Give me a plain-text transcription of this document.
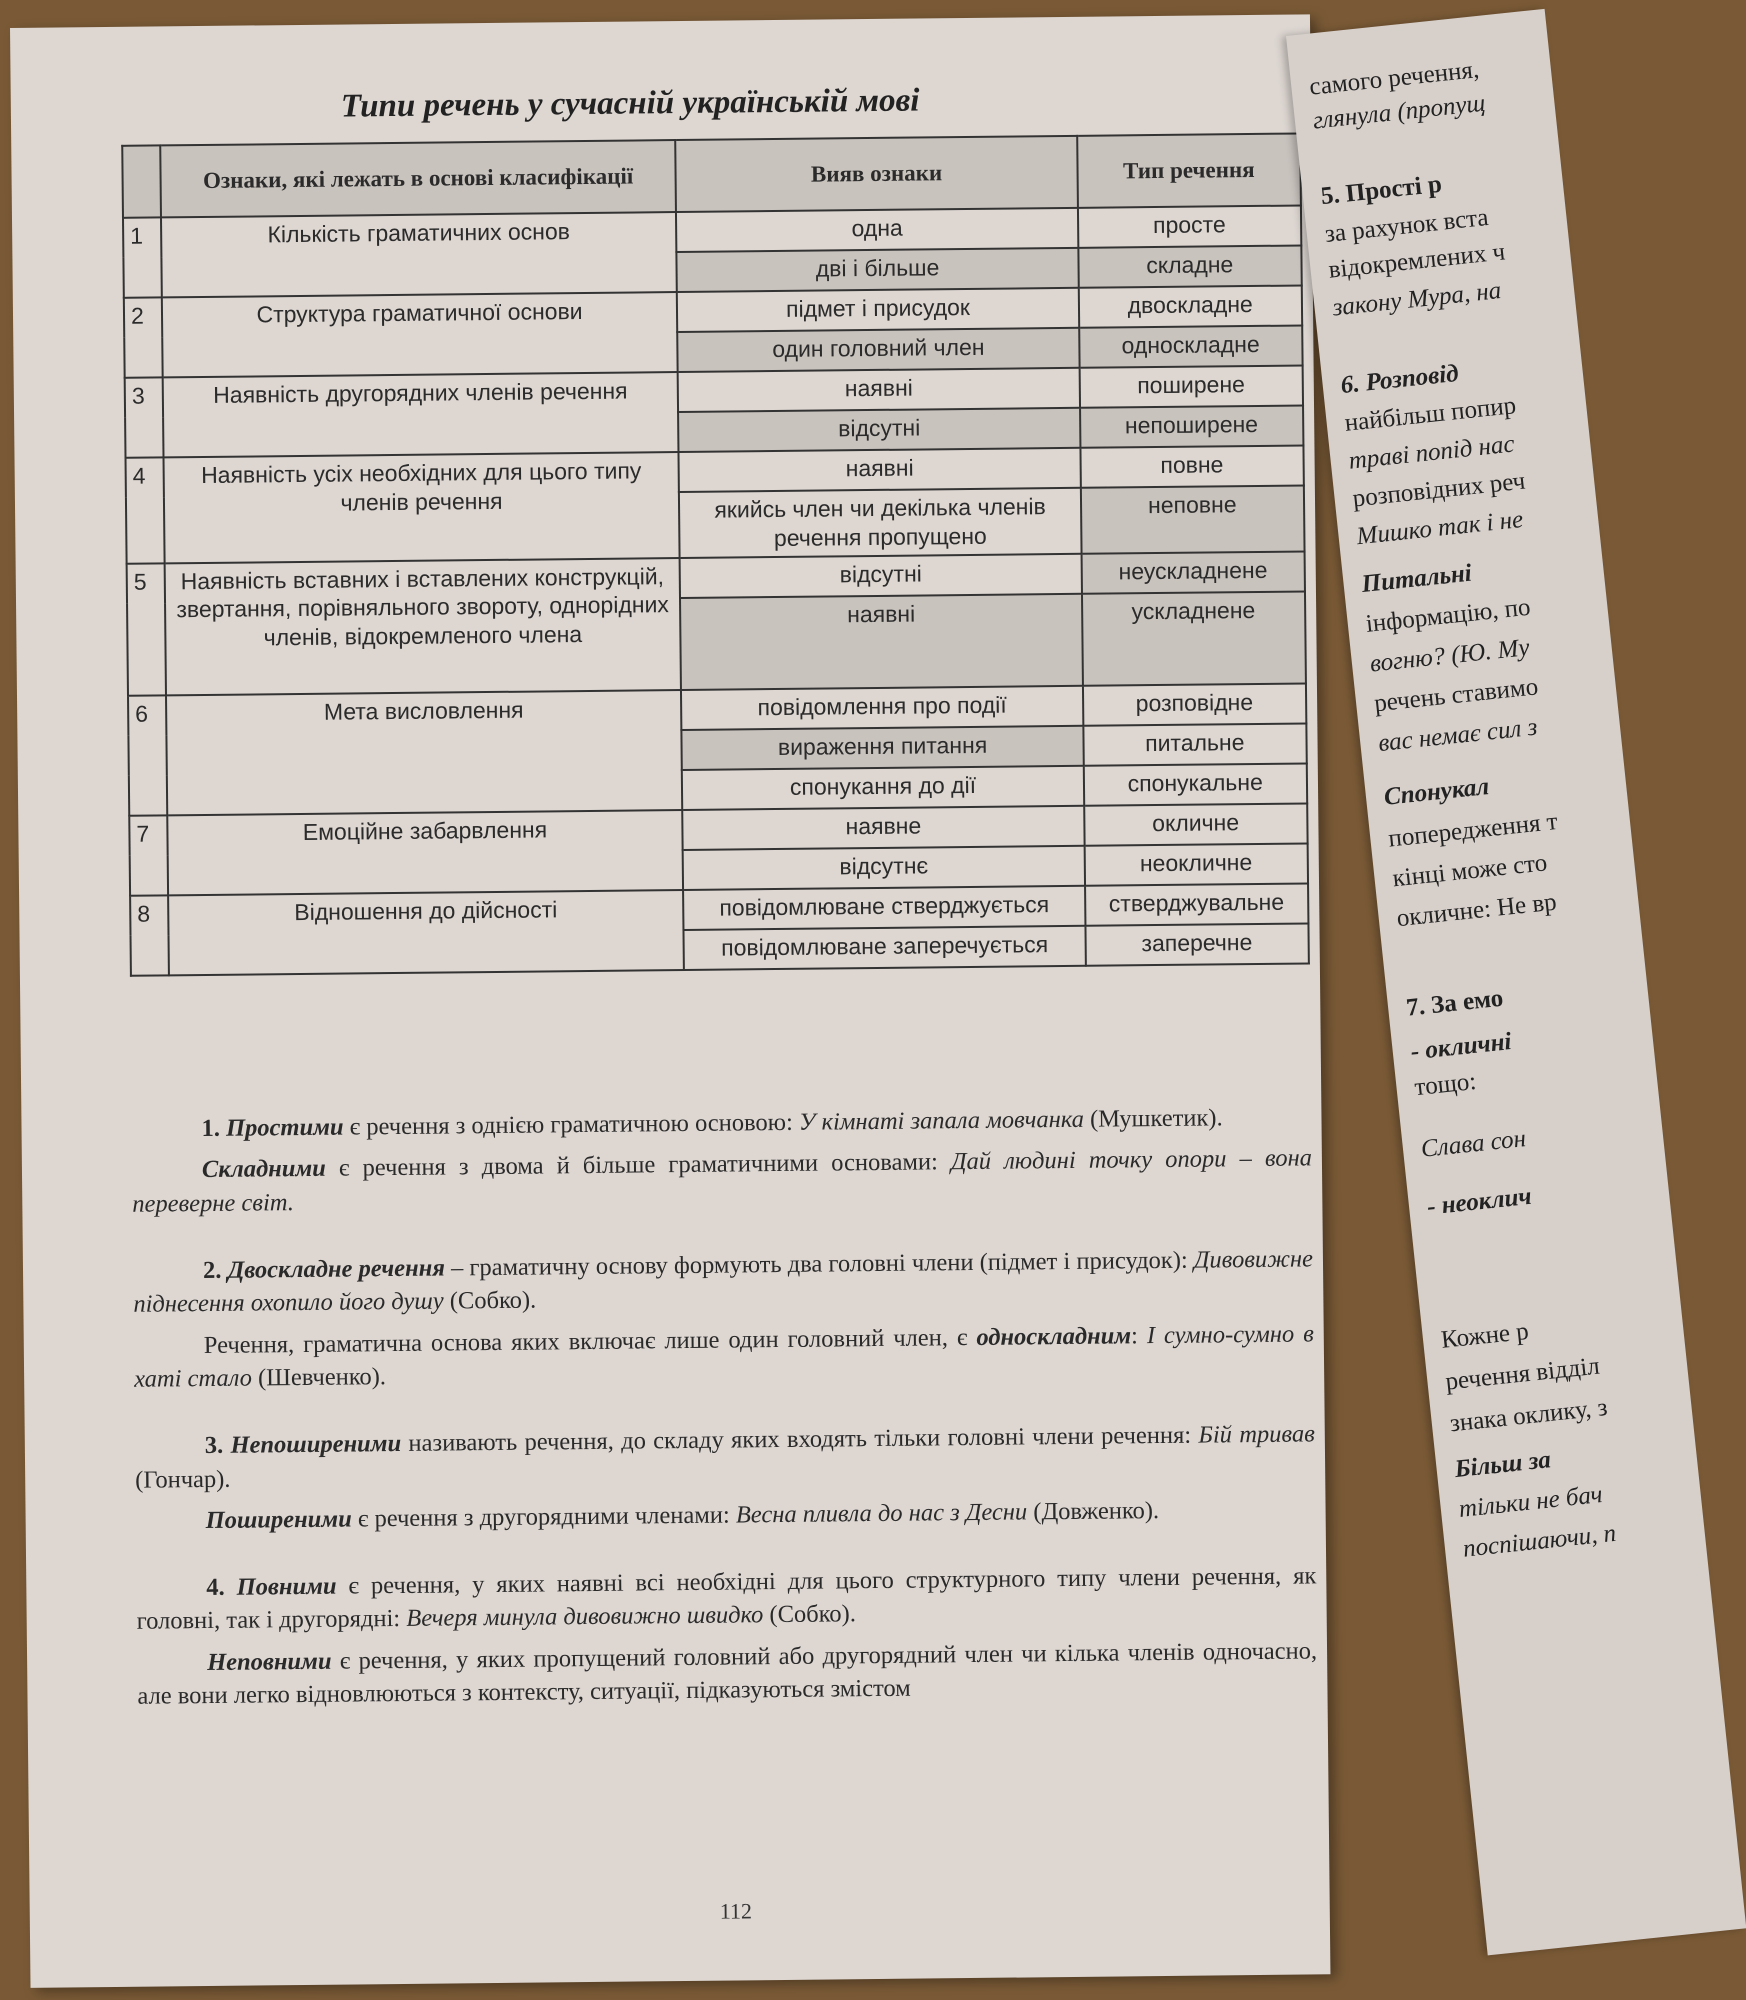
Типи речень у сучасній українській мові
	Ознаки, які лежать в основі класифікації	Вияв ознаки	Тип речення
1	Кількість граматичних основ	одна	просте
		дві і більше	складне
2	Структура граматичної основи	підмет і присудок	двоскладне
		один головний член	односкладне
3	Наявність другорядних членів речення	наявні	поширене
		відсутні	непоширене
4	Наявність усіх необхідних для цього типу членів речення	наявні	повне
		якийсь член чи декілька членів речення пропущено	неповне
5	Наявність вставних і вставлених конструкцій, звертання, порівняльного звороту, однорідних членів, відокремленого члена	відсутні	неускладнене
		наявні	ускладнене
6	Мета висловлення	повідомлення про події	розповідне
		вираження питання	питальне
		спонукання до дії	спонукальне
7	Емоційне забарвлення	наявне	окличне
		відсутнє	неокличне
8	Відношення до дійсності	повідомлюване стверджується	стверджувальне
		повідомлюване заперечується	заперечне

1. Простими є речення з однією граматичною основою: У кімнаті запала мовчанка (Мушкетик).

Складними є речення з двома й більше граматичними основами: Дай людині точку опори – вона переверне світ.

2. Двоскладне речення – граматичну основу формують два головні члени (підмет і присудок): Дивовижне піднесення охопило його душу (Собко).

Речення, граматична основа яких включає лише один головний член, є односкладним: І сумно-сумно в хаті стало (Шевченко).

3. Непоширеними називають речення, до складу яких входять тільки головні члени речення: Бій тривав (Гончар).

Поширеними є речення з другорядними членами: Весна пливла до нас з Десни (Довженко).

4. Повними є речення, у яких наявні всі необхідні для цього структурного типу члени речення, як головні, так і другорядні: Вечеря минула дивовижно швидко (Собко).

Неповними є речення, у яких пропущений головний або другорядний член чи кілька членів одночасно, але вони легко відновлюються з контексту, ситуації, підказуються змістом

112

самого речення,

глянула (пропущ

5. Прості р

за рахунок вста

відокремлених ч

закону Мура, на

6. Розповід

найбільш попир

траві попід нас

розповідних реч

Мишко так і не

Питальні

інформацію, по

вогню? (Ю. Му

речень ставимо

вас немає сил з

Спонукал

попередження т

кінці може сто

окличне: Не вр

7. За емо

- окличні

тощо:

Слава сон

- неоклич

Кожне р

речення відділ

знака оклику, з

Більш за

тільки не бач

поспішаючи, п
